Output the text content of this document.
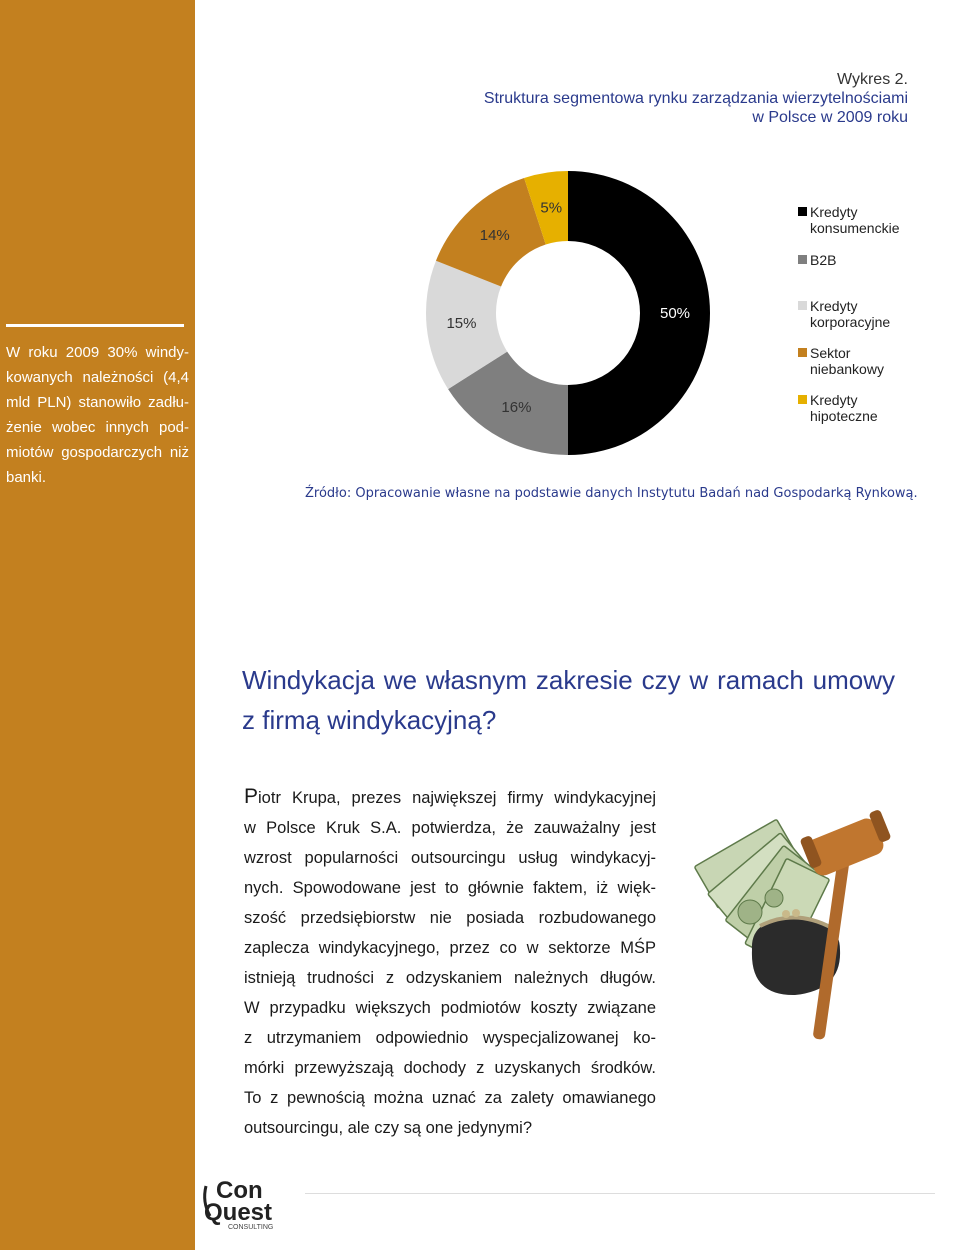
W roku 2009 30% windy-
kowanych należności (4,4
mld PLN) stanowiło zadłu-
żenie wobec innych pod-
miotów gospodarczych niż
banki.

Wykres 2.
Struktura segmentowa rynku zarządzania wierzytelnościami
w Polsce w 2009 roku
50%
16%
15%
14%
5%	Kredyty
konsumenckie
B2B
Kredyty
korporacyjne
Sektor
niebankowy
Kredyty
hipoteczne
Źródło: Opracowanie własne na podstawie danych Instytutu Badań nad Gospodarką Rynkową.
Windykacja we własnym zakresie czy w ramach umowy
z firmą windykacyjną?

Piotr Krupa, prezes największej firmy windykacyjnej
w Polsce Kruk S.A. potwierdza, że zauważalny jest
wzrost popularności outsourcingu usług windykacyj-
nych. Spowodowane jest to głównie faktem, iż więk-
szość przedsiębiorstw nie posiada rozbudowanego
zaplecza windykacyjnego, przez co w sektorze MŚP
istnieją trudności z odzyskaniem należnych długów.
W przypadku większych podmiotów koszty związane
z utrzymaniem odpowiednio wyspecjalizowanej ko-
mórki przewyższają dochody z uzyskanych środków.
To z pewnością można uznać za zalety omawianego
outsourcingu, ale czy są one jedynymi?

Con
Quest
CONSULTING
